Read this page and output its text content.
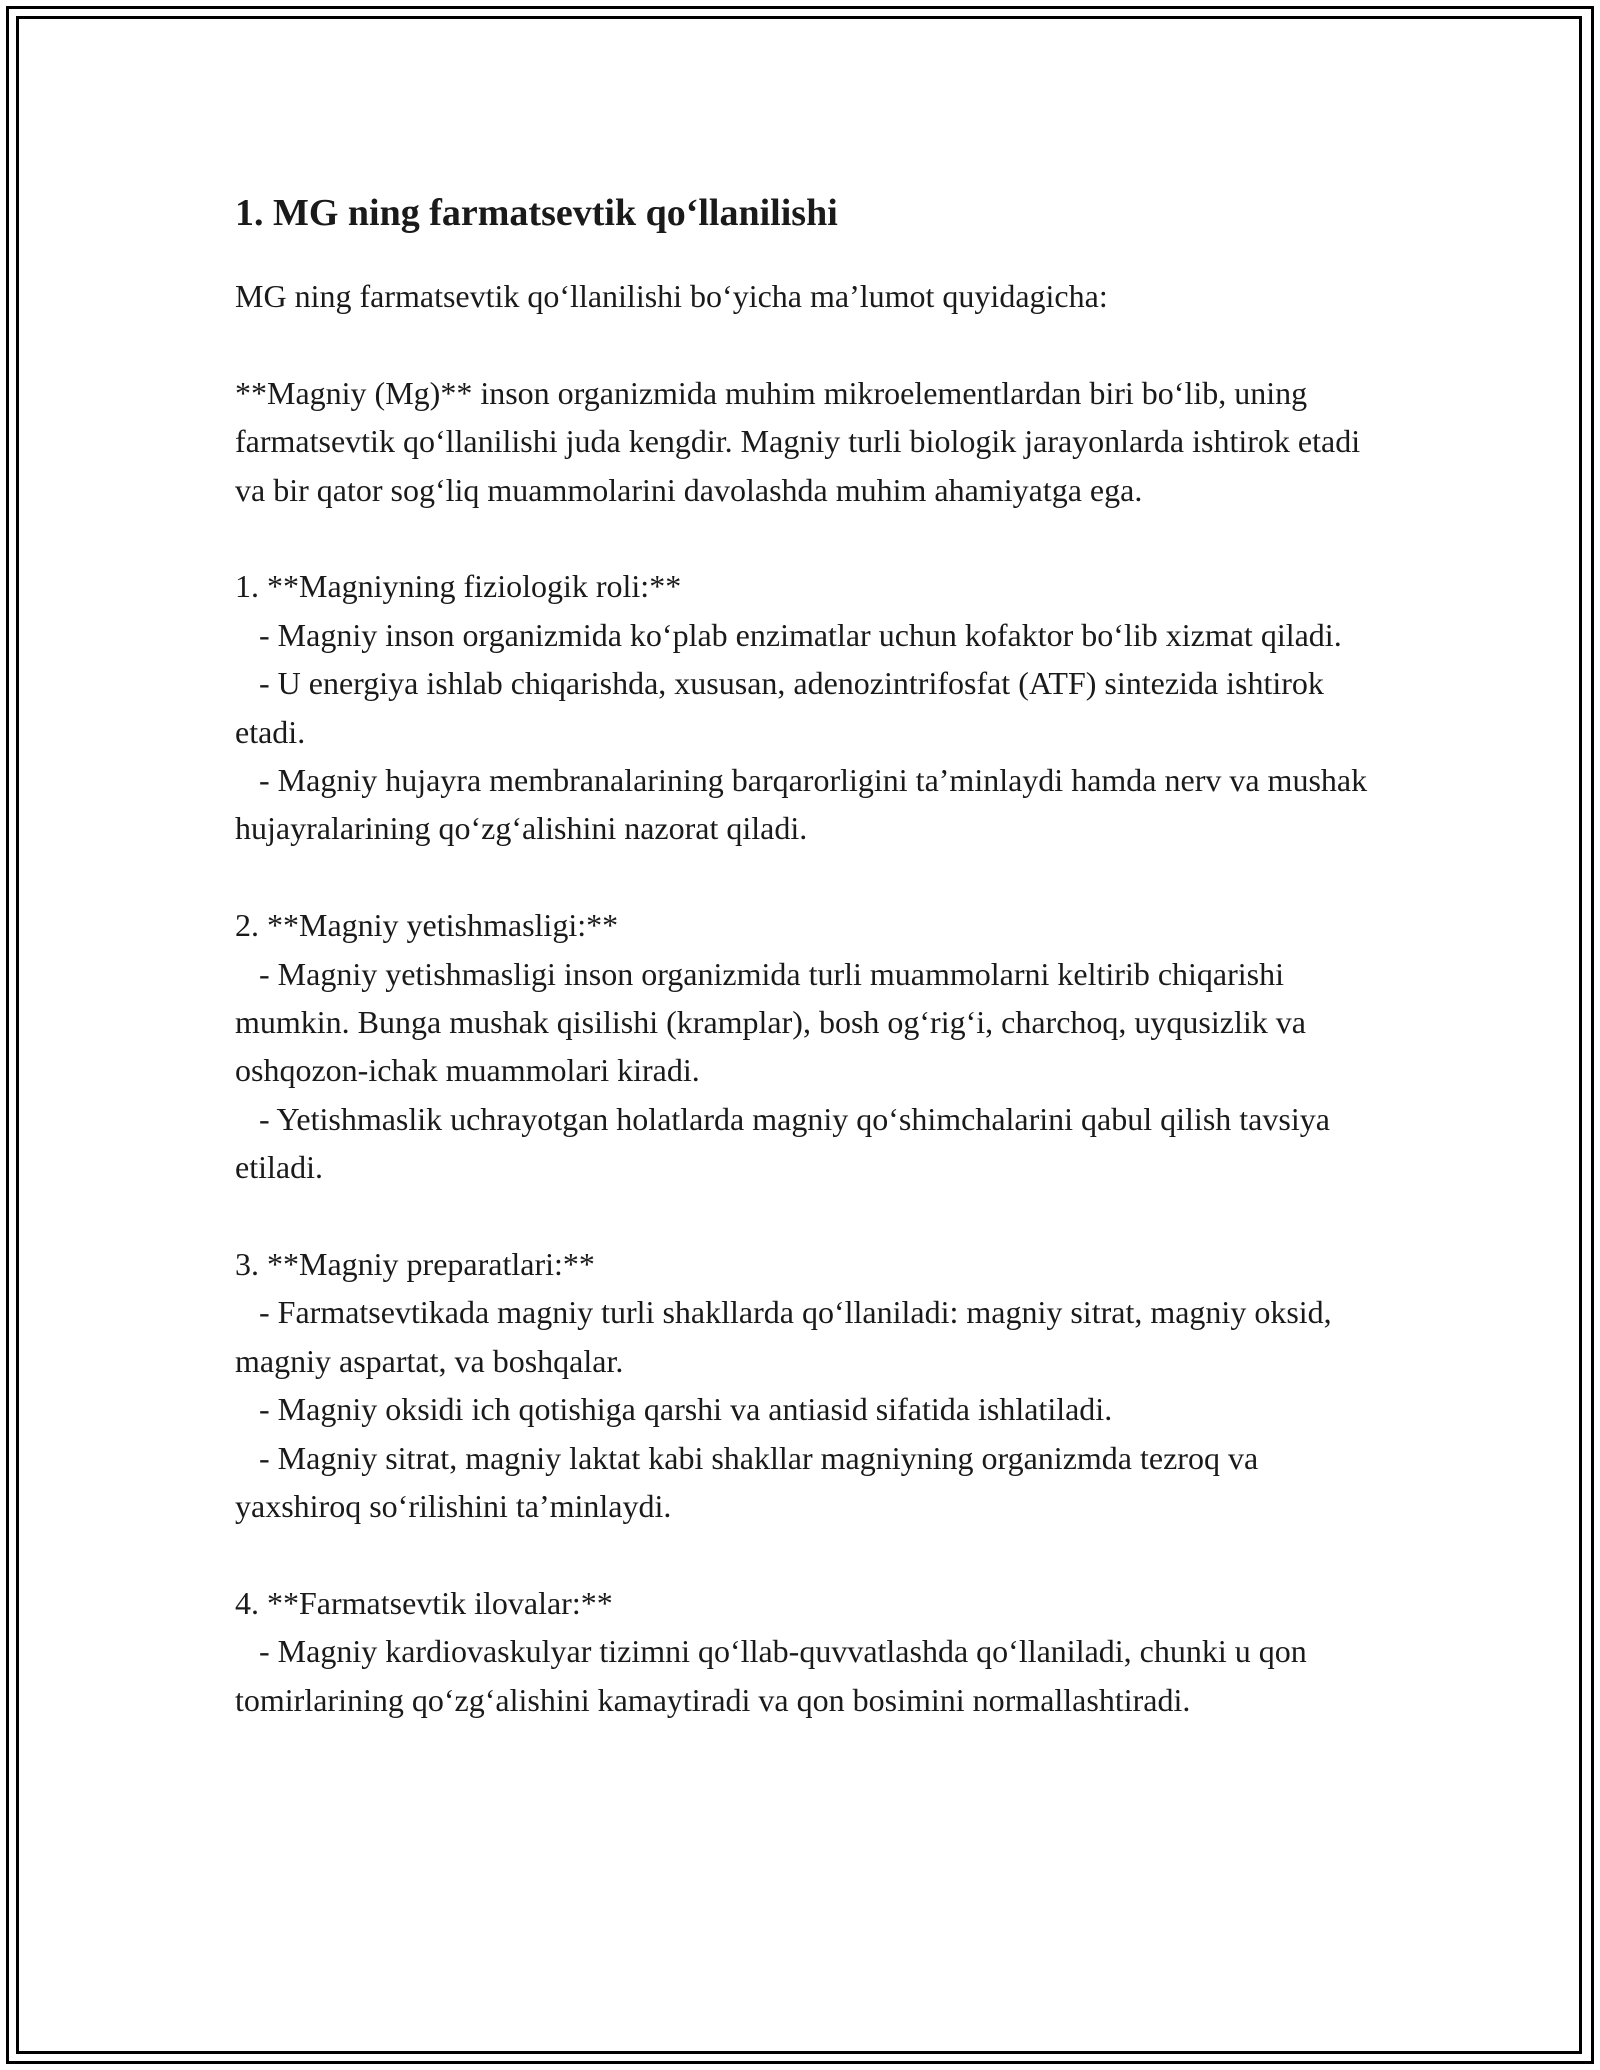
1. MG ning farmatsevtik qo‘llanilishi

MG ning farmatsevtik qo‘llanilishi bo‘yicha ma’lumot quyidagicha:

**Magniy (Mg)** inson organizmida muhim mikroelementlardan biri bo‘lib, uning farmatsevtik qo‘llanilishi juda kengdir. Magniy turli biologik jarayonlarda ishtirok etadi va bir qator sog‘liq muammolarini davolashda muhim ahamiyatga ega.

1. **Magniyning fiziologik roli:**

- Magniy inson organizmida ko‘plab enzimatlar uchun kofaktor bo‘lib xizmat qiladi.

- U energiya ishlab chiqarishda, xususan, adenozintrifosfat (ATF) sintezida ishtirok etadi.

- Magniy hujayra membranalarining barqarorligini ta’minlaydi hamda nerv va mushak hujayralarining qo‘zg‘alishini nazorat qiladi.

2. **Magniy yetishmasligi:**

- Magniy yetishmasligi inson organizmida turli muammolarni keltirib chiqarishi mumkin. Bunga mushak qisilishi (kramplar), bosh og‘rig‘i, charchoq, uyqusizlik va oshqozon-ichak muammolari kiradi.

- Yetishmaslik uchrayotgan holatlarda magniy qo‘shimchalarini qabul qilish tavsiya etiladi.

3. **Magniy preparatlari:**

- Farmatsevtikada magniy turli shakllarda qo‘llaniladi: magniy sitrat, magniy oksid, magniy aspartat, va boshqalar.

- Magniy oksidi ich qotishiga qarshi va antiasid sifatida ishlatiladi.

- Magniy sitrat, magniy laktat kabi shakllar magniyning organizmda tezroq va yaxshiroq so‘rilishini ta’minlaydi.

4. **Farmatsevtik ilovalar:**

- Magniy kardiovaskulyar tizimni qo‘llab-quvvatlashda qo‘llaniladi, chunki u qon tomirlarining qo‘zg‘alishini kamaytiradi va qon bosimini normallashtiradi.
